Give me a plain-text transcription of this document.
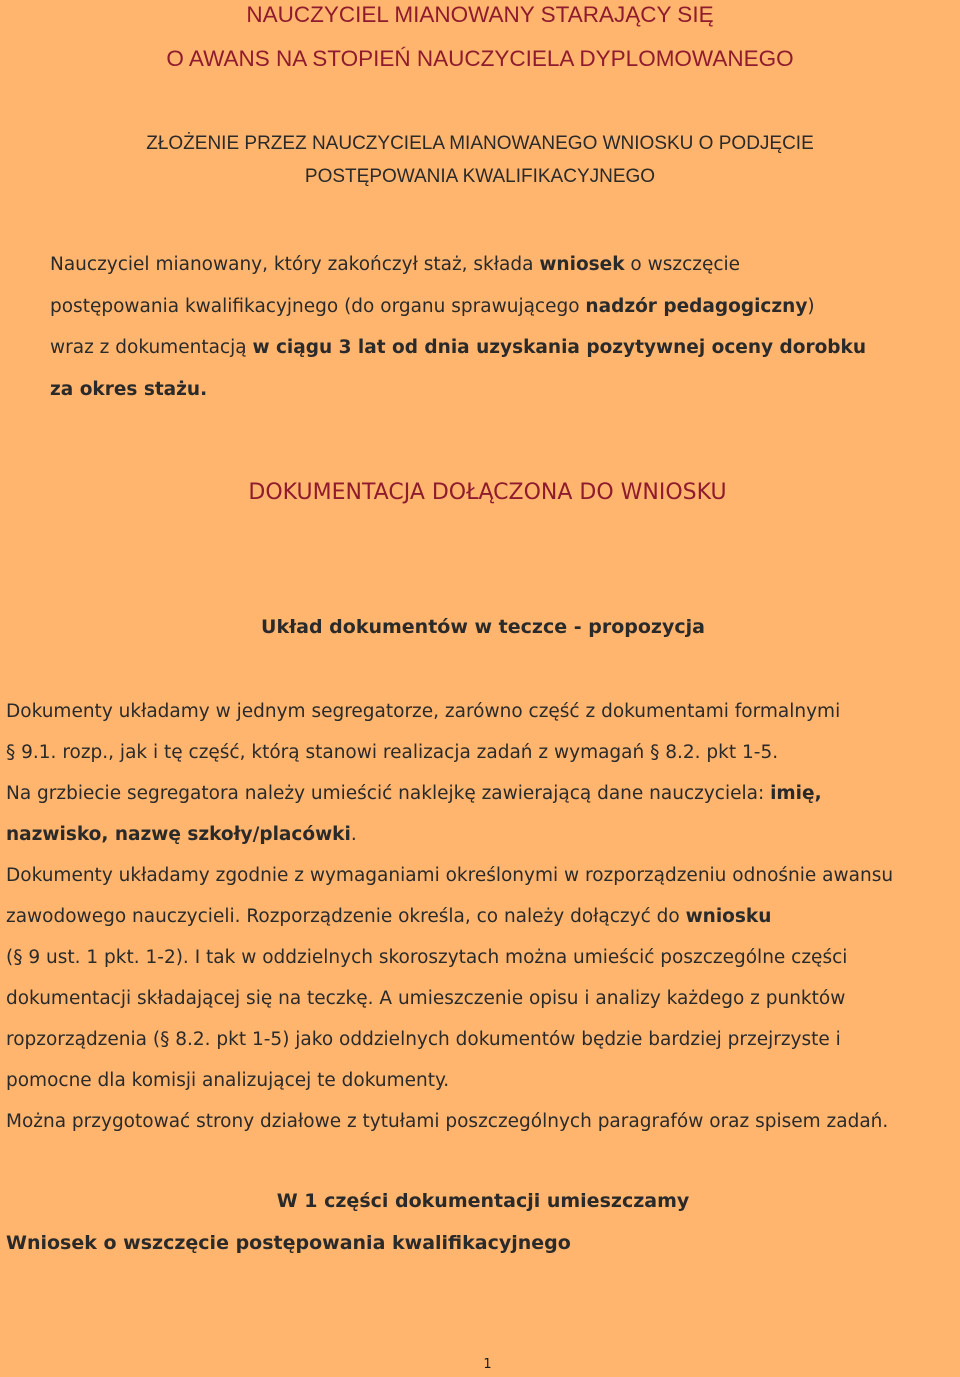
NAUCZYCIEL MIANOWANY STARAJĄCY SIĘ
O AWANS NA STOPIEŃ NAUCZYCIELA DYPLOMOWANEGO
ZŁOŻENIE PRZEZ NAUCZYCIELA MIANOWANEGO WNIOSKU O PODJĘCIE
POSTĘPOWANIA KWALIFIKACYJNEGO
Nauczyciel mianowany, który zakończył staż, składa wniosek o wszczęcie
postępowania kwalifikacyjnego (do organu sprawującego nadzór pedagogiczny)
wraz z dokumentacją w ciągu 3 lat od dnia uzyskania pozytywnej oceny dorobku
za okres stażu.
DOKUMENTACJA DOŁĄCZONA DO WNIOSKU
Układ dokumentów w teczce - propozycja
Dokumenty układamy w jednym segregatorze, zarówno część z dokumentami formalnymi
§ 9.1. rozp., jak i tę część, którą stanowi realizacja zadań z wymagań § 8.2. pkt 1-5.
Na grzbiecie segregatora należy umieścić naklejkę zawierającą dane nauczyciela: imię,
nazwisko, nazwę szkoły/placówki.
Dokumenty układamy zgodnie z wymaganiami określonymi w rozporządzeniu odnośnie awansu
zawodowego nauczycieli. Rozporządzenie określa, co należy dołączyć do wniosku
(§ 9 ust. 1 pkt. 1-2). I tak w oddzielnych skoroszytach można umieścić poszczególne części
dokumentacji składającej się na teczkę. A umieszczenie opisu i analizy każdego z punktów
ropzorządzenia (§ 8.2. pkt 1-5) jako oddzielnych dokumentów będzie bardziej przejrzyste i
pomocne dla komisji analizującej te dokumenty.
Można przygotować strony działowe z tytułami poszczególnych paragrafów oraz spisem zadań.
W 1 części dokumentacji umieszczamy
Wniosek o wszczęcie postępowania kwalifikacyjnego
1
